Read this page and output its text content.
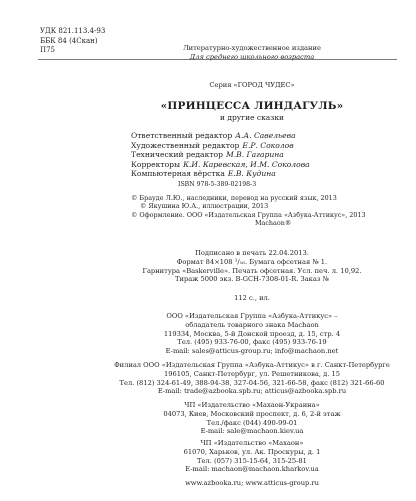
УДК 821.113.4-93
ББК 84 (4Скан)
П75	Литературно-художественное издание
Для среднего школьного возраста
Серия «ГОРОД ЧУДЕС»
«ПРИНЦЕССА ЛИНДАГУЛЬ»
и другие сказки
Ответственный редактор А.А. Савельева
Художественный редактор Е.Р. Соколов
Технический редактор М.В. Гагарина
Корректоры К.И. Каревская, И.М. Соколова
Компьютерная вёрстка Е.В. Кудина
ISBN 978-5-389-02198-3
© Брауде Л.Ю., наследники, перевод на русский язык, 2013
© Якушина Ю.А., иллюстрации, 2013
© Оформление. ООО «Издательская Группа «Азбука-Аттикус», 2013
Machaon®
Подписано в печать 22.04.2013.
Формат 84×108 ¹/₁₆. Бумага офсетная № 1.
Гарнитура «Baskerville». Печать офсетная. Усл. печ. л. 10,92.
Тираж 5000 экз. В-GCH-7308-01-R. Заказ №
112 с., ил.
ООО «Издательская Группа «Азбука-Аттикус» –
обладатель товарного знака Machaon
119334, Москва, 5-й Донской проезд, д. 15, стр. 4
Тел. (495) 933-76-00, факс (495) 933-76-19
E-mail: sales@atticus-group.ru; info@machaon.net
Филиал ООО «Издательская Группа «Азбука-Аттикус» в г. Санкт-Петербурге
196105, Санкт-Петербург, ул. Решетникова, д. 15
Тел. (812) 324-61-49, 388-94-38, 327-04-56, 321-66-58, факс (812) 321-66-60
E-mail: trade@azbooka.spb.ru; atticus@azbooka.spb.ru
ЧП «Издательство «Махаон-Украина»
04073, Киев, Московский проспект, д. 6, 2-й этаж
Тел./факс (044) 490-99-01
E-mail: sale@machaon.kiev.ua
ЧП «Издательство «Махаон»
61070, Харьков, ул. Ак. Проскуры, д. 1
Тел. (057) 315-15-64, 315-25-81
E-mail: machaon@machaon.kharkov.ua
www.azbooka.ru; www.atticus-group.ru
